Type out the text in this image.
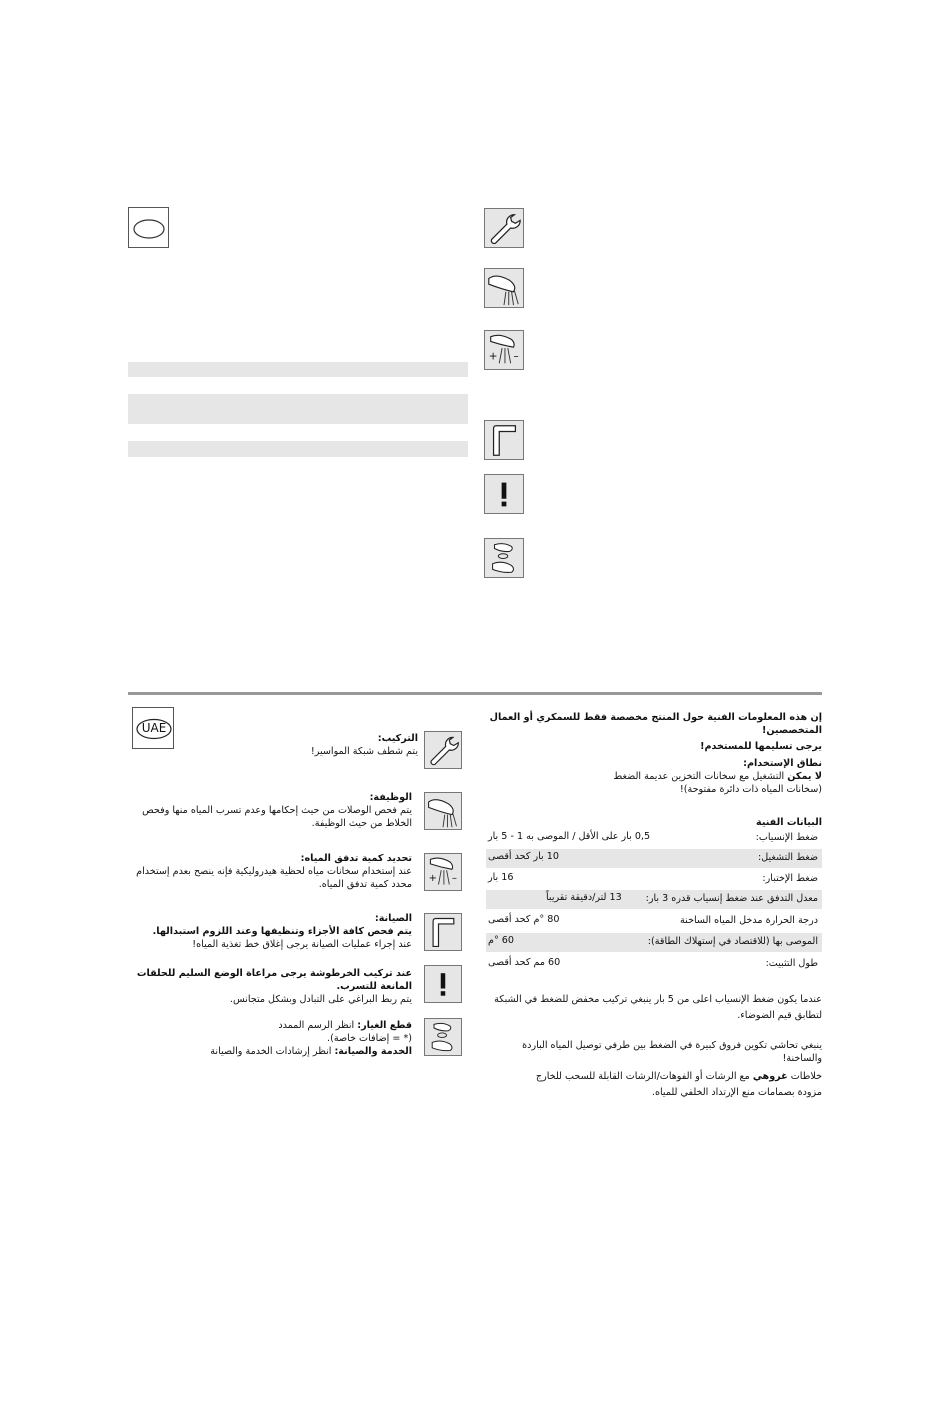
+ –
إن هذه المعلومات الفنية حول المنتج مخصصة فقط للسمكري أو العمال المتخصصين!
يرجى تسليمها للمستخدم!
نطاق الإستخدام:
لا يمكن التشغيل مع سخانات التخزين عديمة الضغط
(سخانات المياه ذات دائرة مفتوحة)!
البيانات الفنية
ضغط الإنسياب:
0,5 بار على الأقل / الموصى به 1 - 5 بار
ضغط التشغيل:
10 بار كحد أقصى
ضغط الإختبار:
16 بار
معدل التدفق عند ضغط إنسياب قدره 3 بار:
13 لتر/دقيقة تقريباً
درجة الحرارة مدخل المياه الساخنة
80 °م كحد أقصى
الموصى بها (للاقتصاد في إستهلاك الطاقة):
60 °م
طول التثبيت:
60 مم كحد أقصى
عندما يكون ضغط الإنسياب اعلى من 5 بار ينبغي تركيب مخفض للضغط في الشبكة
لتطابق قيم الضوضاء.
ينبغي تحاشي تكوين فروق كبيرة في الضغط بين طرفي توصيل المياه الباردة والساخنة!
خلاطات غروهي مع الرشات أو الفوهات/الرشات القابلة للسحب للخارج
مزودة بصمامات منع الإرتداد الخلفي للمياه.
UAE
التركيب:
يتم شطف شبكة المواسير!
الوظيفة:
يتم فحص الوصلات من حيث إحكامها وعدم تسرب المياه منها وفحص
الخلاط من حيث الوظيفة.
+ –
تحديد كمية تدفق المياه:
عند إستخدام سخانات مياه لحظية هيدروليكية فإنه ينصح بعدم إستخدام
محدد كمية تدفق المياه.
الصيانة:
يتم فحص كافة الأجزاء وتنظيفها وعند اللزوم استبدالها.
عند إجراء عمليات الصيانة يرجى إغلاق خط تغذية المياه!
عند تركيب الخرطوشة يرجى مراعاة الوضع السليم للحلقات المانعة للتسرب.
يتم ربط البراغي على التبادل وبشكل متجانس.
قطع الغيار: انظر الرسم الممدد
(* = إضافات خاصة).
الخدمة والصيانة: انظر إرشادات الخدمة والصيانة
